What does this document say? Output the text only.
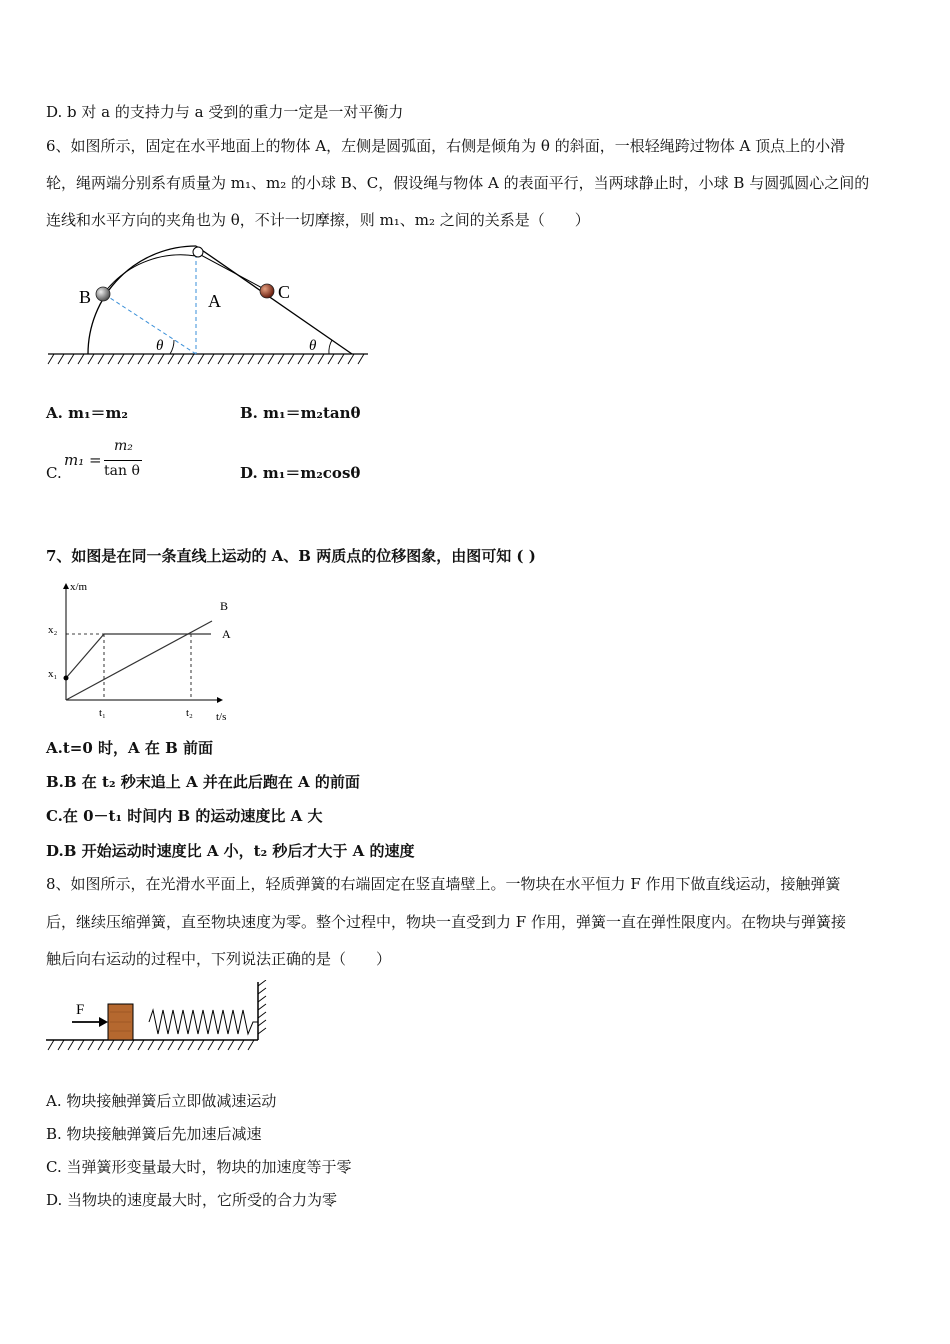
D. b 对 a 的支持力与 a 受到的重力一定是一对平衡力
6、如图所示，固定在水平地面上的物体 A，左侧是圆弧面，右侧是倾角为 θ 的斜面，一根轻绳跨过物体 A 顶点上的小滑
轮，绳两端分别系有质量为 m₁、m₂ 的小球 B、C，假设绳与物体 A 的表面平行，当两球静止时，小球 B 与圆弧圆心之间的
连线和水平方向的夹角也为 θ，不计一切摩擦，则 m₁、m₂ 之间的关系是（　　）
B	C
A
θ	θ
A. m₁＝m₂	B. m₁＝m₂tanθ
C.
m₁ =
m₂
tan θ	D. m₁＝m₂cosθ
7、如图是在同一条直线上运动的 A、B 两质点的位移图象，由图可知 ( )
x/m
t/s
x₂
x₁
t₁	t₂
A
B
A.t=0 时，A 在 B 前面
B.B 在 t₂ 秒末追上 A 并在此后跑在 A 的前面
C.在 0－t₁ 时间内 B 的运动速度比 A 大
D.B 开始运动时速度比 A 小，t₂ 秒后才大于 A 的速度
8、如图所示，在光滑水平面上，轻质弹簧的右端固定在竖直墙壁上。一物块在水平恒力 F 作用下做直线运动，接触弹簧
后，继续压缩弹簧，直至物块速度为零。整个过程中，物块一直受到力 F 作用，弹簧一直在弹性限度内。在物块与弹簧接
触后向右运动的过程中，下列说法正确的是（　　）
F
A. 物块接触弹簧后立即做减速运动
B. 物块接触弹簧后先加速后减速
C. 当弹簧形变量最大时，物块的加速度等于零
D. 当物块的速度最大时，它所受的合力为零
